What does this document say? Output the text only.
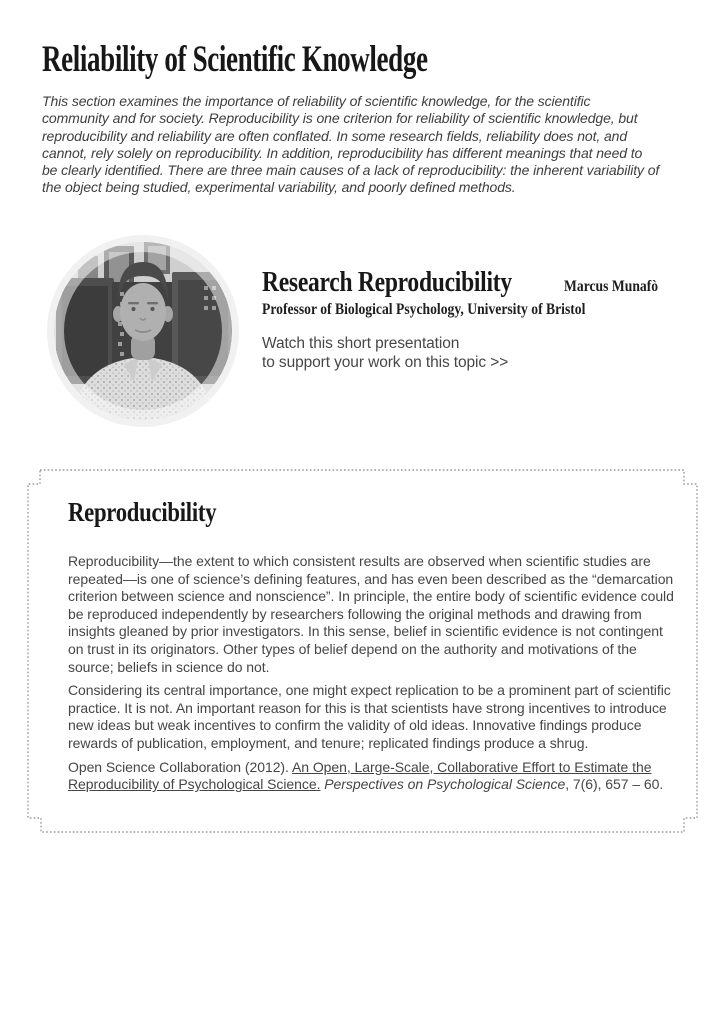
Reliability of Scientific Knowledge

This section examines the importance of reliability of scientific knowledge, for the scientific community and for society. Reproducibility is one criterion for reliability of scientific knowledge, but reproducibility and reliability are often conflated. In some research fields, reliability does not, and cannot, rely solely on reproducibility. In addition, reproducibility has different meanings that need to be clearly identified. There are three main causes of a lack of reproducibility: the inherent variability of the object being studied, experimental variability, and poorly defined methods.

Research Reproducibility	Marcus Munafò Professor of Biological Psychology, University of Bristol
Watch this short presentation
to support your work on this topic >>
Reproducibility

Reproducibility—the extent to which consistent results are observed when scientific studies are repeated—is one of science’s defining features, and has even been described as the “demarcation criterion between science and nonscience”. In principle, the entire body of scientific evidence could be reproduced independently by researchers following the original methods and drawing from insights gleaned by prior investigators. In this sense, belief in scientific evidence is not contingent on trust in its originators. Other types of belief depend on the authority and motivations of the source; beliefs in science do not.

Considering its central importance, one might expect replication to be a prominent part of scientific practice. It is not. An important reason for this is that scientists have strong incentives to introduce new ideas but weak incentives to confirm the validity of old ideas. Innovative findings produce rewards of publication, employment, and tenure; replicated findings produce a shrug.

Open Science Collaboration (2012). An Open, Large-Scale, Collaborative Effort to Estimate the Reproducibility of Psychological Science. Perspectives on Psychological Science, 7(6), 657 – 60.
